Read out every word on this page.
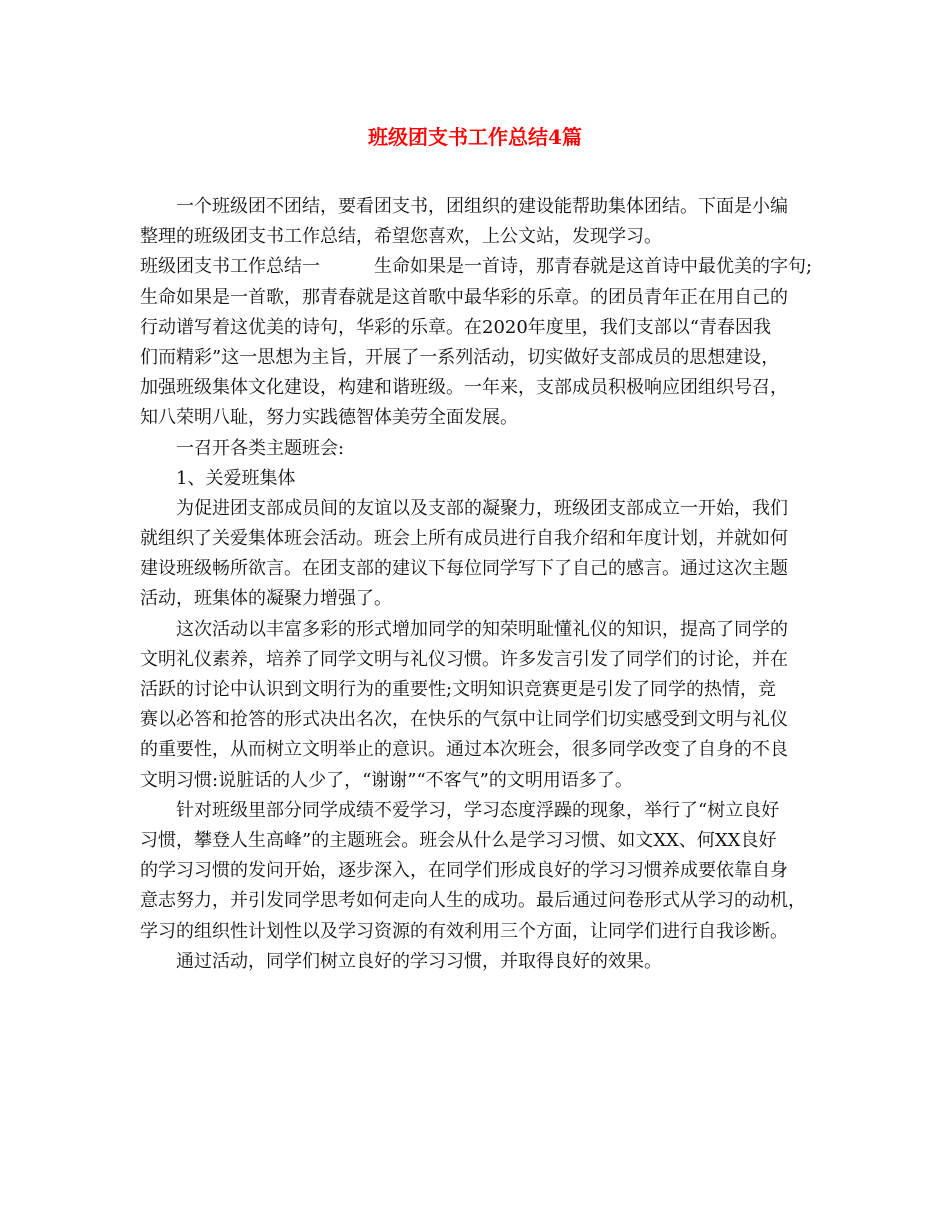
班级团支书工作总结4篇
一个班级团不团结，要看团支书，团组织的建设能帮助集体团结。下面是小编
整理的班级团支书工作总结，希望您喜欢，上公文站，发现学习。
班级团支书工作总结一　　　生命如果是一首诗，那青春就是这首诗中最优美的字句;
生命如果是一首歌，那青春就是这首歌中最华彩的乐章。的团员青年正在用自己的
行动谱写着这优美的诗句，华彩的乐章。在2020年度里，我们支部以“青春因我
们而精彩”这一思想为主旨，开展了一系列活动，切实做好支部成员的思想建设，
加强班级集体文化建设，构建和谐班级。一年来，支部成员积极响应团组织号召，
知八荣明八耻，努力实践德智体美劳全面发展。
一召开各类主题班会:
1、关爱班集体
为促进团支部成员间的友谊以及支部的凝聚力，班级团支部成立一开始，我们
就组织了关爱集体班会活动。班会上所有成员进行自我介绍和年度计划，并就如何
建设班级畅所欲言。在团支部的建议下每位同学写下了自己的感言。通过这次主题
活动，班集体的凝聚力增强了。
这次活动以丰富多彩的形式增加同学的知荣明耻懂礼仪的知识，提高了同学的
文明礼仪素养，培养了同学文明与礼仪习惯。许多发言引发了同学们的讨论，并在
活跃的讨论中认识到文明行为的重要性;文明知识竞赛更是引发了同学的热情，竞
赛以必答和抢答的形式决出名次，在快乐的气氛中让同学们切实感受到文明与礼仪
的重要性，从而树立文明举止的意识。通过本次班会，很多同学改变了自身的不良
文明习惯:说脏话的人少了，“谢谢”“不客气”的文明用语多了。
针对班级里部分同学成绩不爱学习，学习态度浮躁的现象，举行了“树立良好
习惯，攀登人生高峰”的主题班会。班会从什么是学习习惯、如文XX、何XX良好
的学习习惯的发问开始，逐步深入，在同学们形成良好的学习习惯养成要依靠自身
意志努力，并引发同学思考如何走向人生的成功。最后通过问卷形式从学习的动机，
学习的组织性计划性以及学习资源的有效利用三个方面，让同学们进行自我诊断。
通过活动，同学们树立良好的学习习惯，并取得良好的效果。
